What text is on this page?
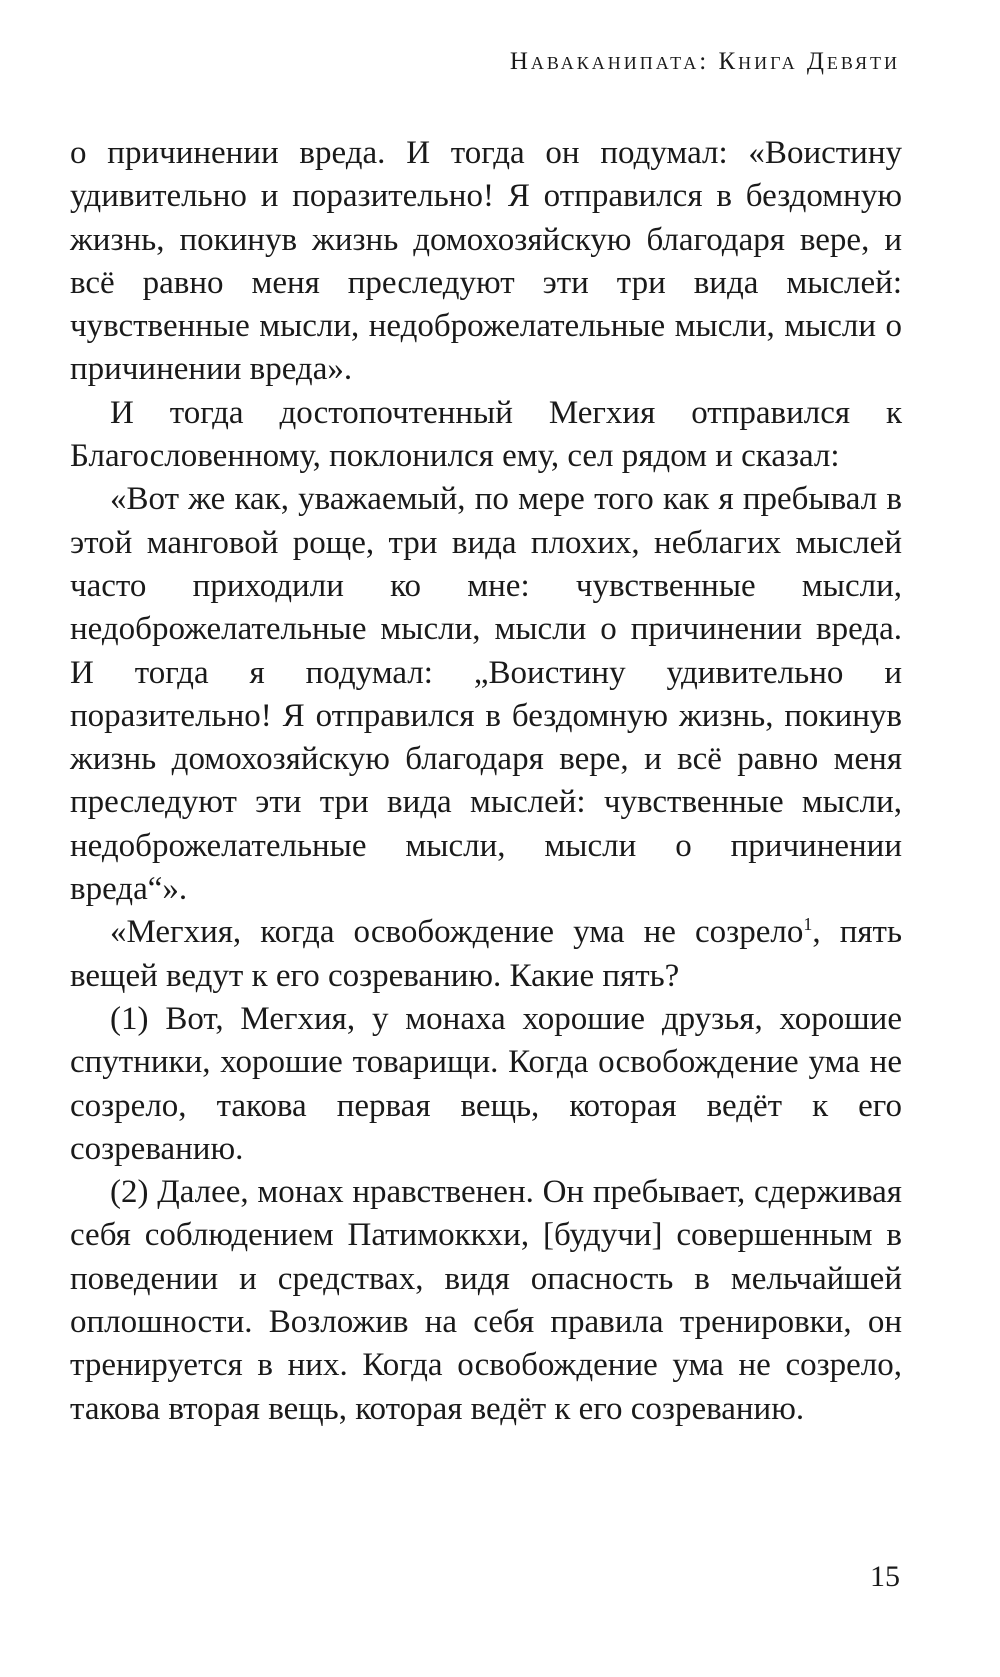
Наваканипата: Книга Девяти

о причинении вреда. И тогда он подумал: «Воистину удивительно и поразительно! Я отправился в бездомную жизнь, покинув жизнь домохозяйскую благодаря вере, и всё равно меня преследуют эти три вида мыслей: чувственные мысли, недоброжелательные мысли, мысли о причинении вреда».

И тогда достопочтенный Мегхия отправился к Благословенному, поклонился ему, сел рядом и сказал:

«Вот же как, уважаемый, по мере того как я пребывал в этой манговой роще, три вида плохих, неблагих мыслей часто приходили ко мне: чувственные мысли, недоброжелательные мысли, мысли о причинении вреда. И тогда я подумал: „Воистину удивительно и поразительно! Я отправился в бездомную жизнь, покинув жизнь домохозяйскую благодаря вере, и всё равно меня преследуют эти три вида мыслей: чувственные мысли, недоброжелательные мысли, мысли о причинении вреда“».

«Мегхия, когда освобождение ума не созрело$^1$, пять вещей ведут к его созреванию. Какие пять?

(1) Вот, Мегхия, у монаха хорошие друзья, хорошие спутники, хорошие товарищи. Когда освобождение ума не созрело, такова первая вещь, которая ведёт к его созреванию.

(2) Далее, монах нравственен. Он пребывает, сдерживая себя соблюдением Патимоккхи, [будучи] совершенным в поведении и средствах, видя опасность в мельчайшей оплошности. Возложив на себя правила тренировки, он тренируется в них. Когда освобождение ума не созрело, такова вторая вещь, которая ведёт к его созреванию.

15
